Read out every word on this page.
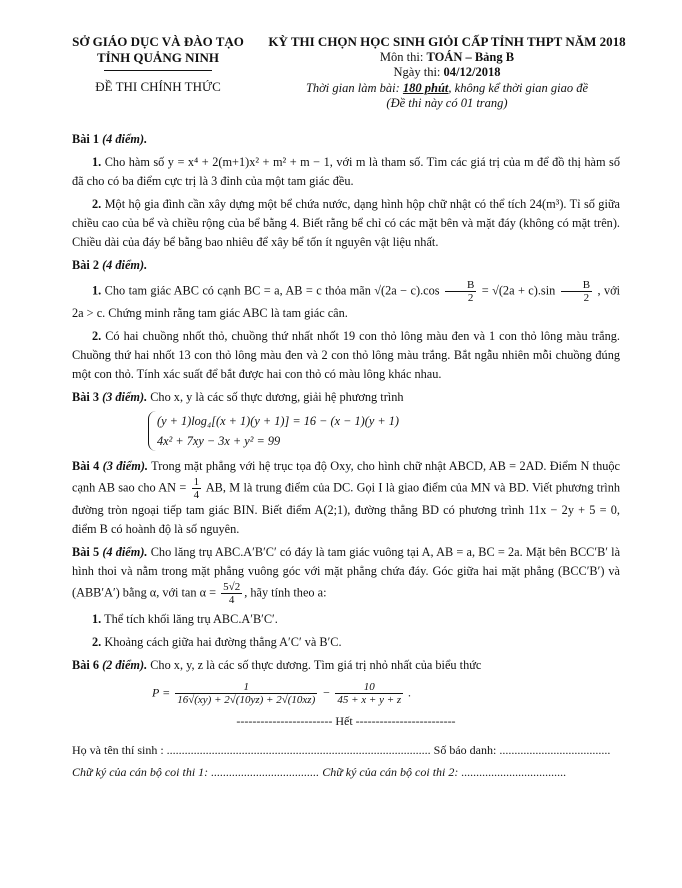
SỞ GIÁO DỤC VÀ ĐÀO TẠO
TỈNH QUẢNG NINH
ĐỀ THI CHÍNH THỨC
KỲ THI CHỌN HỌC SINH GIỎI CẤP TỈNH THPT NĂM 2018
Môn thi: TOÁN – Bảng B
Ngày thi: 04/12/2018
Thời gian làm bài: 180 phút, không kể thời gian giao đề
(Đề thi này có 01 trang)
Bài 1 (4 điểm).
1. Cho hàm số y = x⁴ + 2(m+1)x² + m² + m − 1, với m là tham số. Tìm các giá trị của m để đồ thị hàm số đã cho có ba điểm cực trị là 3 đỉnh của một tam giác đều.
2. Một hộ gia đình cần xây dựng một bể chứa nước, dạng hình hộp chữ nhật có thể tích 24(m³). Tỉ số giữa chiều cao của bể và chiều rộng của bể bằng 4. Biết rằng bể chỉ có các mặt bên và mặt đáy (không có mặt trên). Chiều dài của đáy bể bằng bao nhiêu để xây bể tốn ít nguyên vật liệu nhất.
Bài 2 (4 điểm).
1. Cho tam giác ABC có cạnh BC = a, AB = c thỏa mãn $√(2a - c).\cos \frac{B}{2} = √(2a + c).\sin \frac{B}{2}$ , với 2a > c. Chứng minh rằng tam giác ABC là tam giác cân.
2. Có hai chuồng nhốt thỏ, chuồng thứ nhất nhốt 19 con thỏ lông màu đen và 1 con thỏ lông màu trắng. Chuồng thứ hai nhốt 13 con thỏ lông màu đen và 2 con thỏ lông màu trắng. Bắt ngẫu nhiên mỗi chuồng đúng một con thỏ. Tính xác suất để bắt được hai con thỏ có màu lông khác nhau.
Bài 3 (3 điểm). Cho x, y là các số thực dương, giải hệ phương trình
(y + 1)log₄[(x + 1)(y + 1)] = 16 − (x − 1)(y + 1)
4x² + 7xy − 3x + y² = 99
Bài 4 (3 điểm). Trong mặt phẳng với hệ trục tọa độ Oxy, cho hình chữ nhật ABCD, AB = 2AD. Điểm N thuộc cạnh AB sao cho AN = $\frac{1}{4}$ AB, M là trung điểm của DC. Gọi I là giao điểm của MN và BD. Viết phương trình đường tròn ngoại tiếp tam giác BIN. Biết điểm A(2;1), đường thẳng BD có phương trình 11x − 2y + 5 = 0, điểm B có hoành độ là số nguyên.
Bài 5 (4 điểm). Cho lăng trụ ABC.A′B′C′ có đáy là tam giác vuông tại A, AB = a, BC = 2a. Mặt bên BCC′B′ là hình thoi và nằm trong mặt phẳng vuông góc với mặt phẳng chứa đáy. Góc giữa hai mặt phẳng (BCC′B′) và (ABB′A′) bằng α, với $\tan \alpha = \frac{5√2}{4}$ , hãy tính theo a:
1. Thể tích khối lăng trụ ABC.A′B′C′.
2. Khoảng cách giữa hai đường thẳng A′C′ và B′C.
Bài 6 (2 điểm). Cho x, y, z là các số thực dương. Tìm giá trị nhỏ nhất của biểu thức
$P = \frac{1}{16√(xy) + 2√(10yz) + 2√(10xz)} - \frac{10}{45 + x + y + z}$ .
------------------------ Hết -------------------------
Họ và tên thí sinh : ........................................................................................ Số báo danh: .....................................
Chữ ký của cán bộ coi thi 1: .................................... Chữ ký của cán bộ coi thi 2: ...................................
